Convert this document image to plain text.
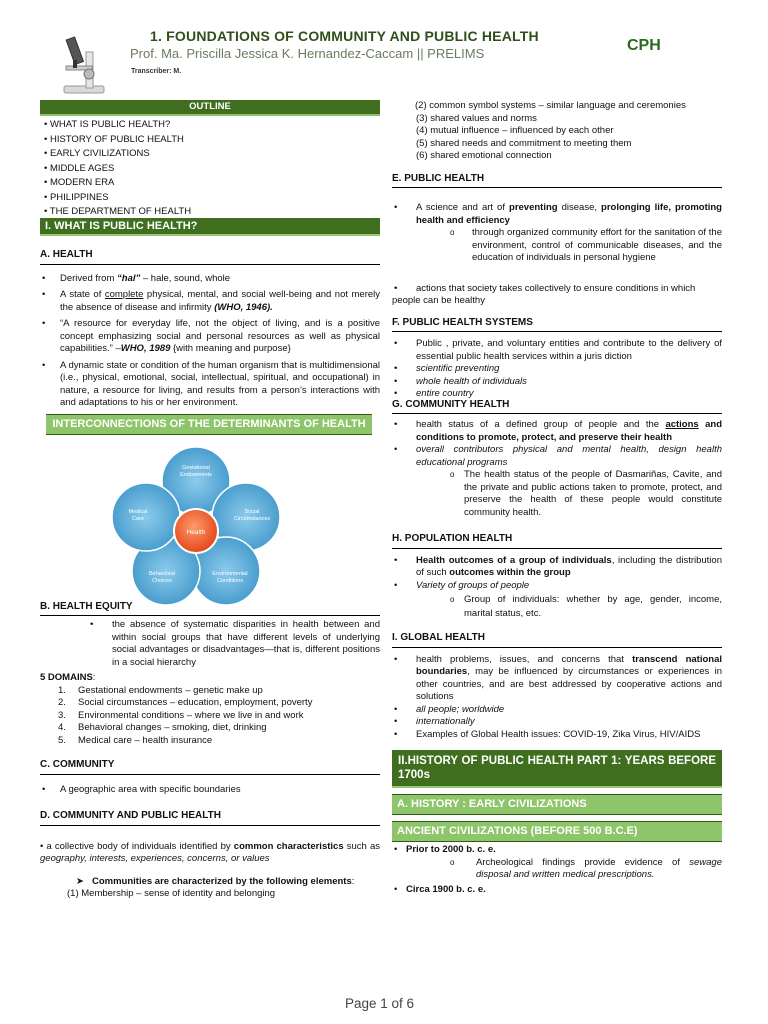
1. FOUNDATIONS OF COMMUNITY AND PUBLIC HEALTH
Prof. Ma. Priscilla Jessica K. Hernandez-Caccam || PRELIMS
Transcriber: M.
CPH
OUTLINE
• WHAT IS PUBLIC HEALTH?
• HISTORY OF PUBLIC HEALTH
• EARLY CIVILIZATIONS
• MIDDLE AGES
• MODERN ERA
• PHILIPPINES
• THE DEPARTMENT OF HEALTH
I. WHAT IS PUBLIC HEALTH?
A. HEALTH
• Derived from “hal” – hale, sound, whole
• A state of complete physical, mental, and social well-being and not merely the absence of disease and infirmity (WHO, 1946).
• “A resource for everyday life, not the object of living, and is a positive concept emphasizing social and personal resources as well as physical capabilities.” –WHO, 1989 {with meaning and purpose}
• A dynamic state or condition of the human organism that is multidimensional (i.e., physical, emotional, social, intellectual, spiritual, and occupational) in nature, a resource for living, and results from a person’s interactions with and adaptations to his or her environment.
INTERCONNECTIONS OF THE DETERMINANTS OF HEALTH
Health
Gestational Endowments
Social Circumstances
Environmental Conditions
Behavioral Choices
Medical Care
B. HEALTH EQUITY
• the absence of systematic disparities in health between and within social groups that have different levels of underlying social advantages or disadvantages—that is, different positions in a social hierarchy
5 DOMAINS:
1. Gestational endowments – genetic make up
2. Social circumstances – education, employment, poverty
3. Environmental conditions – where we live in and work
4. Behavioral changes – smoking, diet, drinking
5. Medical care – health insurance
C. COMMUNITY
• A geographic area with specific boundaries
D. COMMUNITY AND PUBLIC HEALTH
• a collective body of individuals identified by common characteristics such as geography, interests, experiences, concerns, or values
➤ Communities are characterized by the following elements:
(1) Membership – sense of identity and belonging
(2) common symbol systems – similar language and ceremonies
(3) shared values and norms
(4) mutual influence – influenced by each other
(5) shared needs and commitment to meeting them
(6) shared emotional connection
E. PUBLIC HEALTH
• A science and art of preventing disease, prolonging life, promoting health and efficiency
o through organized community effort for the sanitation of the environment, control of communicable diseases, and the education of individuals in personal hygiene
• actions that society takes collectively to ensure conditions in which
people can be healthy
F. PUBLIC HEALTH SYSTEMS
• Public , private, and voluntary entities and contribute to the delivery of essential public health services within a juris diction
• scientific preventing
• whole health of individuals
• entire country
G. COMMUNITY HEALTH
• health status of a defined group of people and the actions and conditions to promote, protect, and preserve their health
• overall contributors physical and mental health, design health educational programs
o The health status of the people of Dasmariñas, Cavite, and the private and public actions taken to promote, protect, and preserve the health of these people would constitute community health.
H. POPULATION HEALTH
• Health outcomes of a group of individuals, including the distribution of such outcomes within the group
• Variety of groups of people
o Group of individuals: whether by age, gender, income, marital status, etc.
I. GLOBAL HEALTH
• health problems, issues, and concerns that transcend national boundaries, may be influenced by circumstances or experiences in other countries, and are best addressed by cooperative actions and solutions
• all people; worldwide
• internationally
• Examples of Global Health issues: COVID-19, Zika Virus, HIV/AIDS
II.HISTORY OF PUBLIC HEALTH PART 1: YEARS BEFORE 1700s
A. HISTORY : EARLY CIVILIZATIONS
ANCIENT CIVILIZATIONS (BEFORE 500 B.C.E)
• Prior to 2000 b. c. e.
o Archeological findings provide evidence of sewage disposal and written medical prescriptions.
• Circa 1900 b. c. e.
Page 1 of 6
